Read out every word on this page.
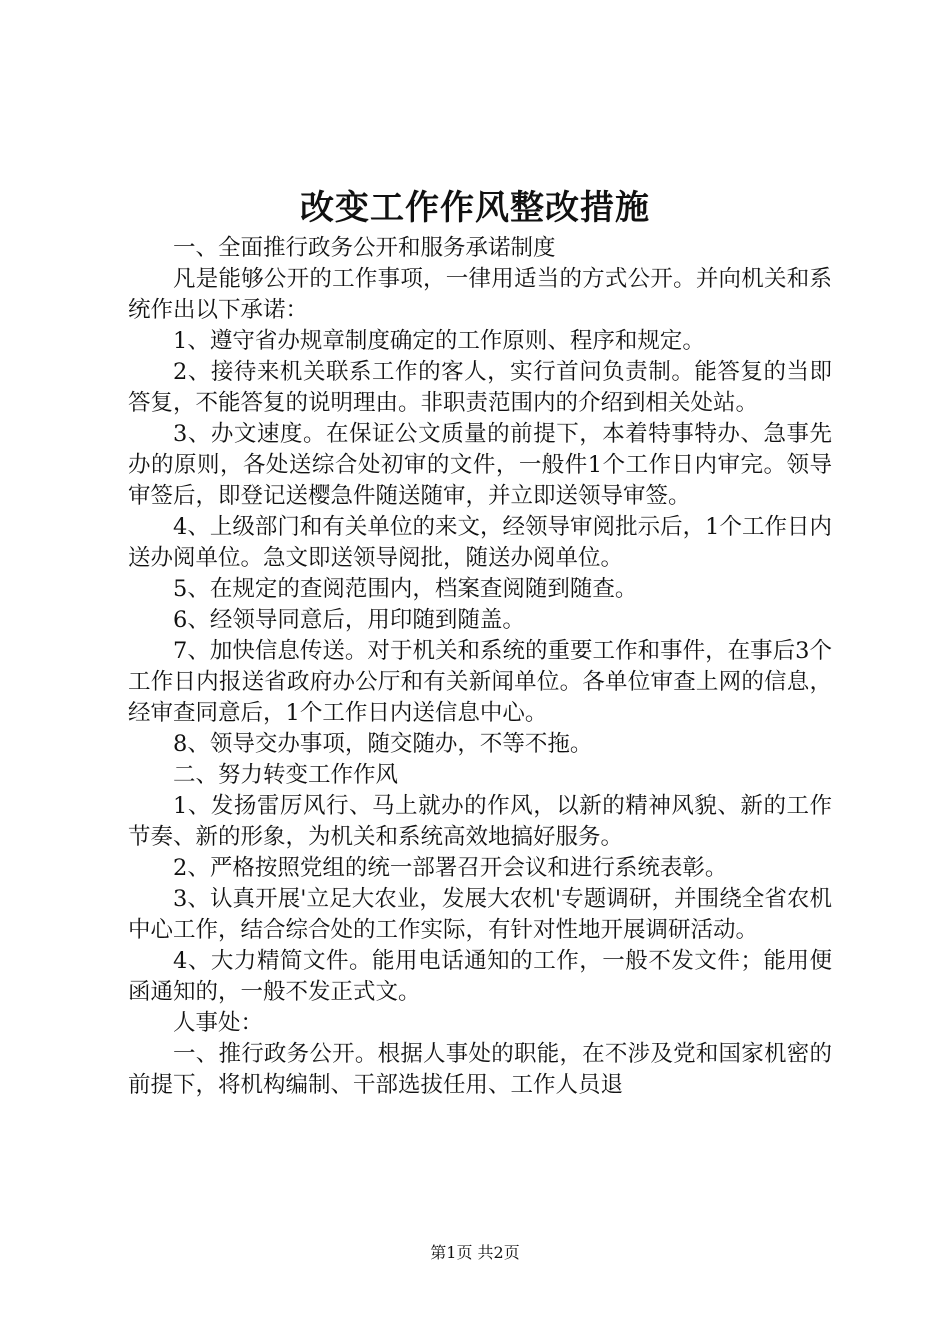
改变工作作风整改措施

一、全面推行政务公开和服务承诺制度

凡是能够公开的工作事项，一律用适当的方式公开。并向机关和系统作出以下承诺：

1、遵守省办规章制度确定的工作原则、程序和规定。

2、接待来机关联系工作的客人，实行首问负责制。能答复的当即答复，不能答复的说明理由。非职责范围内的介绍到相关处站。

3、办文速度。在保证公文质量的前提下，本着特事特办、急事先办的原则，各处送综合处初审的文件，一般件1个工作日内审完。领导审签后，即登记送樱急件随送随审，并立即送领导审签。

4、上级部门和有关单位的来文，经领导审阅批示后，1个工作日内送办阅单位。急文即送领导阅批，随送办阅单位。

5、在规定的查阅范围内，档案查阅随到随查。

6、经领导同意后，用印随到随盖。

7、加快信息传送。对于机关和系统的重要工作和事件，在事后3个工作日内报送省政府办公厅和有关新闻单位。各单位审查上网的信息，经审查同意后，1个工作日内送信息中心。

8、领导交办事项，随交随办，不等不拖。

二、努力转变工作作风

1、发扬雷厉风行、马上就办的作风，以新的精神风貌、新的工作节奏、新的形象，为机关和系统高效地搞好服务。

2、严格按照党组的统一部署召开会议和进行系统表彰。

3、认真开展'立足大农业，发展大农机'专题调研，并围绕全省农机中心工作，结合综合处的工作实际，有针对性地开展调研活动。

4、大力精简文件。能用电话通知的工作，一般不发文件；能用便函通知的，一般不发正式文。

人事处：

一、推行政务公开。根据人事处的职能，在不涉及党和国家机密的前提下，将机构编制、干部选拔任用、工作人员退

第1页 共2页
